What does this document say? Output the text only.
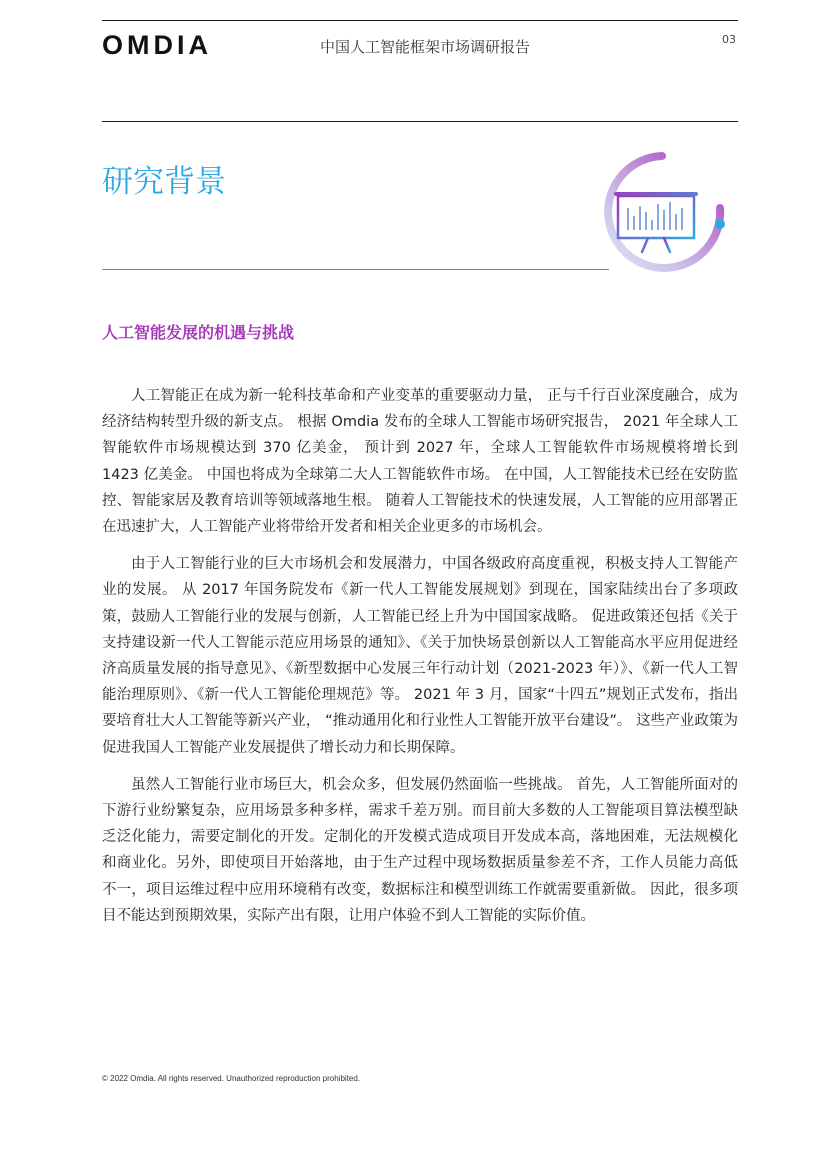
OMDIA	中国人工智能框架市场调研报告	03
研究背景
人工智能发展的机遇与挑战

人工智能正在成为新一轮科技革命和产业变革的重要驱动力量， 正与千行百业深度融合，成为经济结构转型升级的新支点。 根据 Omdia 发布的全球人工智能市场研究报告， 2021 年全球人工智能软件市场规模达到 370 亿美金， 预计到 2027 年，全球人工智能软件市场规模将增长到 1423 亿美金。 中国也将成为全球第二大人工智能软件市场。 在中国，人工智能技术已经在安防监控、智能家居及教育培训等领域落地生根。 随着人工智能技术的快速发展，人工智能的应用部署正在迅速扩大，人工智能产业将带给开发者和相关企业更多的市场机会。

由于人工智能行业的巨大市场机会和发展潜力，中国各级政府高度重视，积极支持人工智能产业的发展。 从 2017 年国务院发布《新一代人工智能发展规划》到现在，国家陆续出台了多项政策，鼓励人工智能行业的发展与创新，人工智能已经上升为中国国家战略。 促进政策还包括《关于支持建设新一代人工智能示范应用场景的通知》、《关于加快场景创新以人工智能高水平应用促进经济高质量发展的指导意见》、《新型数据中心发展三年行动计划（2021-2023 年）》、《新一代人工智能治理原则》、《新一代人工智能伦理规范》等。 2021 年 3 月，国家“十四五”规划正式发布，指出要培育壮大人工智能等新兴产业， “推动通用化和行业性人工智能开放平台建设”。 这些产业政策为促进我国人工智能产业发展提供了增长动力和长期保障。

虽然人工智能行业市场巨大，机会众多，但发展仍然面临一些挑战。 首先，人工智能所面对的下游行业纷繁复杂，应用场景多种多样，需求千差万别。而目前大多数的人工智能项目算法模型缺乏泛化能力，需要定制化的开发。定制化的开发模式造成项目开发成本高，落地困难，无法规模化和商业化。另外，即使项目开始落地，由于生产过程中现场数据质量参差不齐，工作人员能力高低不一，项目运维过程中应用环境稍有改变，数据标注和模型训练工作就需要重新做。 因此，很多项目不能达到预期效果，实际产出有限，让用户体验不到人工智能的实际价值。

© 2022 Omdia. All rights reserved. Unauthorized reproduction prohibited.
